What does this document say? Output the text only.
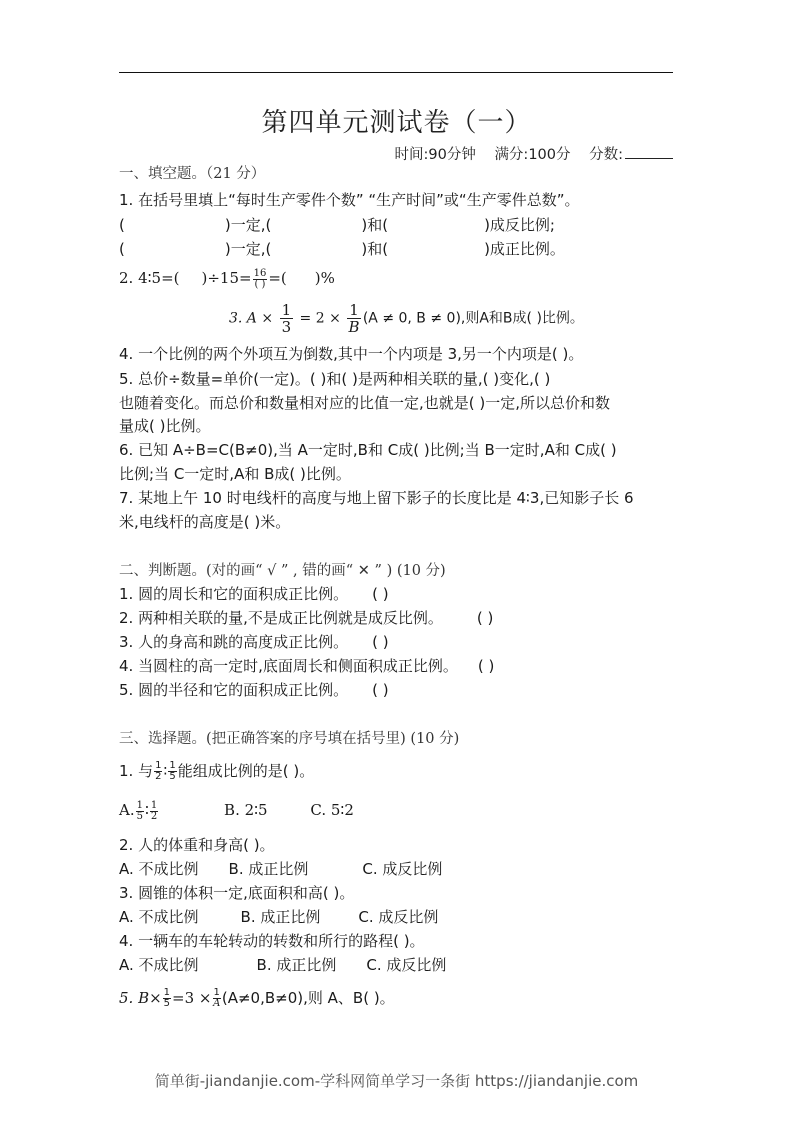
第四单元测试卷（一）
时间:90分钟 满分:100分 分数:
一、填空题。（21 分）
1. 在括号里填上“每时生产零件个数” “生产时间”或“生产零件总数”。
(	)一定,(	)和(	)成反比例;
(	)一定,(	)和(	)成正比例。
2. 4∶5=( )$\div 15= \frac{16}{( )}$ =( )%
3. $A \times \frac{1}{3} = 2 \times \frac{1}{B} (A \ne 0$, B ≠ 0),则A和B成( )比例。
4. 一个比例的两个外项互为倒数,其中一个内项是 3,另一个内项是( )。
5. 总价÷数量=单价(一定)。( )和( )是两种相关联的量,( )变化,( )
也随着变化。而总价和数量相对应的比值一定,也就是( )一定,所以总价和数
量成( )比例。
6. 已知 A÷B=C(B≠0),当 A一定时,B和 C成( )比例;当 B一定时,A和 C成( )
比例;当 C一定时,A和 B成( )比例。
7. 某地上午 10 时电线杆的高度与地上留下影子的长度比是 4∶3,已知影子长 6
米,电线杆的高度是( )米。
二、判断题。(对的画“ √ ” , 错的画“ ✕ ” ) (10 分)
1. 圆的周长和它的面积成正比例。 ( )
2. 两种相关联的量,不是成正比例就是成反比例。 ( )
3. 人的身高和跳的高度成正比例。 ( )
4. 当圆柱的高一定时,底面周长和侧面积成正比例。 ( )
5. 圆的半径和它的面积成正比例。 ( )
三、选择题。(把正确答案的序号填在括号里) (10 分)
1. 与 $\frac{1}{2}$ ∶ $\frac{1}{5}$ 能组成比例的是( )。
A. $\frac{1}{5}$ ∶ $\frac{1}{2}$	B. 2∶5	C. 5∶2
2. 人的体重和身高( )。
A. 不成比例 B. 成正比例	C. 成反比例
3. 圆锥的体积一定,底面积和高( )。
A. 不成比例	B. 成正比例	C. 成反比例
4. 一辆车的车轮转动的转数和所行的路程( )。
A. 不成比例	B. 成正比例 C. 成反比例
5. $B\times \frac{1}{5} =3 \times \frac{1}{A} (A\ne 0,B\ne 0)$,则 A、B( )。
简单街-jiandanjie.com-学科网简单学习一条街 https://jiandanjie.com
